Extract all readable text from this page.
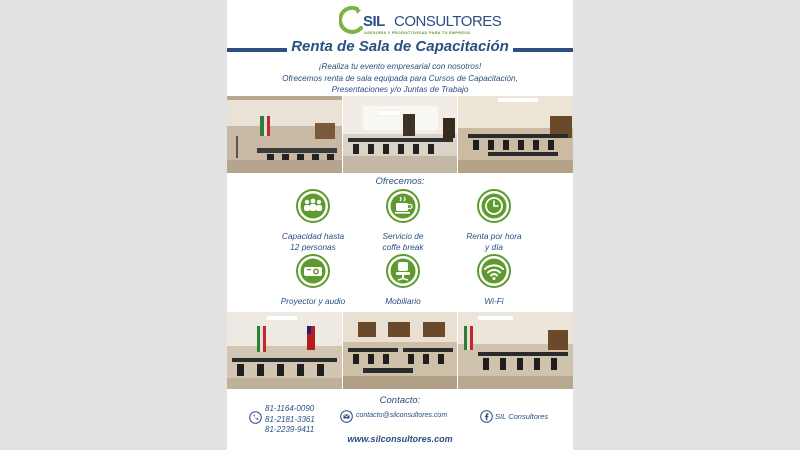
SIL CONSULTORES
ASESORÍA Y PRODUCTIVIDAD PARA TU EMPRESA
Renta de Sala de Capacitación
¡Realiza tu evento empresarial con nosotros!
Ofrecemos renta de sala equipada para Cursos de Capacitación,
Presentaciones y/o Juntas de Trabajo
Ofrecemos:
Capacidad hasta
12 personas
Servicio de
coffe break
Renta por hora
y día
Proyector y audio	Mobiliario	Wi-Fi
Contacto:
81-1164-0090
81-2181-3361
81-2239-9411
contacto@silconsultores.com	SIL Consultores
www.silconsultores.com
